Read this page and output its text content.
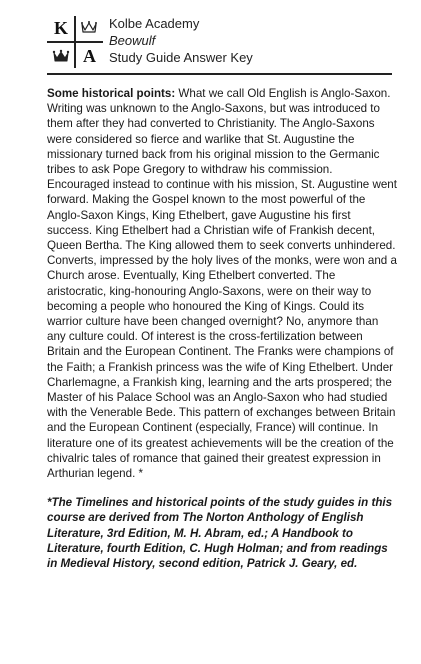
K
A
Kolbe Academy
Beowulf
Study Guide Answer Key

Some historical points: What we call Old English is Anglo-Saxon. Writing was unknown to the Anglo-Saxons, but was introduced to them after they had converted to Christianity. The Anglo-Saxons were considered so fierce and warlike that St. Augustine the missionary turned back from his original mission to the Germanic tribes to ask Pope Gregory to withdraw his commission. Encouraged instead to continue with his mission, St. Augustine went forward. Making the Gospel known to the most powerful of the Anglo-Saxon Kings, King Ethelbert, gave Augustine his first success. King Ethelbert had a Christian wife of Frankish decent, Queen Bertha. The King allowed them to seek converts unhindered. Converts, impressed by the holy lives of the monks, were won and a Church arose. Eventually, King Ethelbert converted. The aristocratic, king-honouring Anglo-Saxons, were on their way to becoming a people who honoured the King of Kings. Could its warrior culture have been changed overnight? No, anymore than any culture could. Of interest is the cross-fertilization between Britain and the European Continent. The Franks were champions of the Faith; a Frankish princess was the wife of King Ethelbert. Under Charlemagne, a Frankish king, learning and the arts prospered; the Master of his Palace School was an Anglo-Saxon who had studied with the Venerable Bede. This pattern of exchanges between Britain and the European Continent (especially, France) will continue. In literature one of its greatest achievements will be the creation of the chivalric tales of romance that gained their greatest expression in Arthurian legend. *

*The Timelines and historical points of the study guides in this course are derived from The Norton Anthology of English Literature, 3rd Edition, M. H. Abram, ed.; A Handbook to Literature, fourth Edition, C. Hugh Holman; and from readings in Medieval History, second edition, Patrick J. Geary, ed.
